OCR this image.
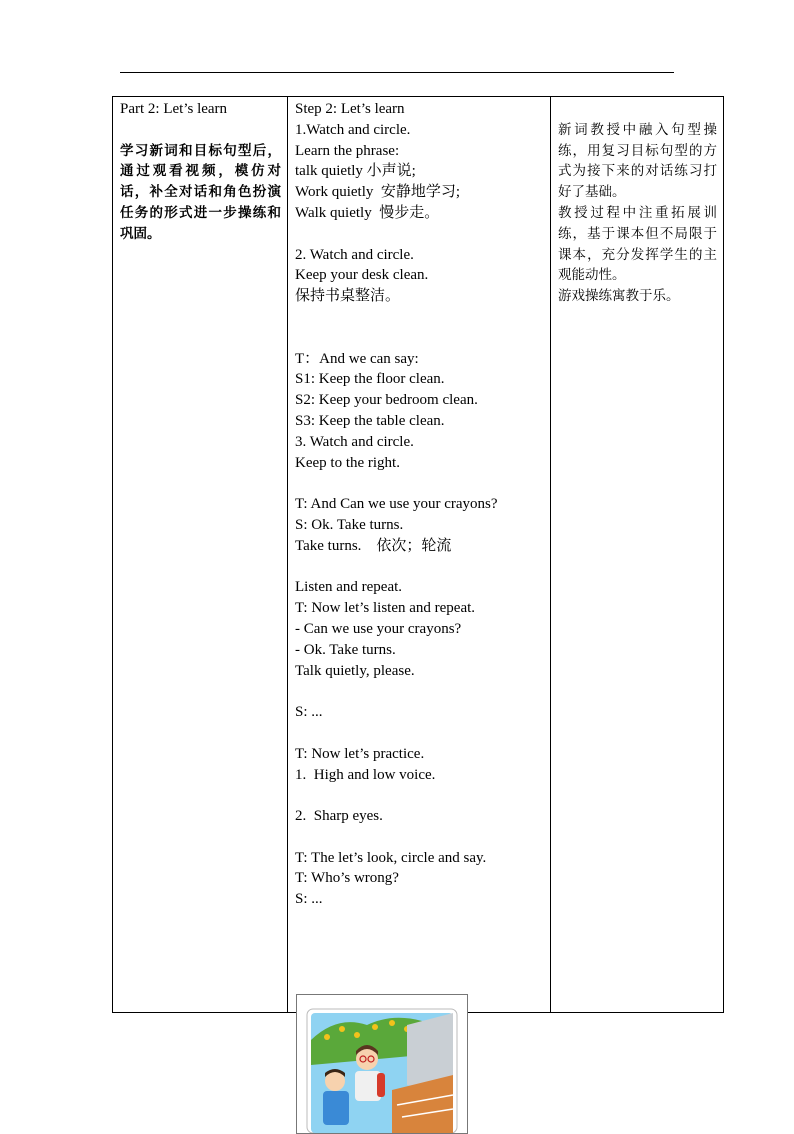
Part 2: Let’s learn

学习新词和目标句型后，通过观看视频，模仿对话，补全对话和角色扮演任务的形式进一步操练和巩固。

Step 2: Let’s learn
1.Watch and circle.
Learn the phrase:
talk quietly 小声说;
Work quietly  安静地学习;
Walk quietly  慢步走。
2. Watch and circle.
Keep your desk clean.
保持书桌整洁。
T：And we can say:
S1: Keep the floor clean.
S2: Keep your bedroom clean.
S3: Keep the table clean.
3. Watch and circle.
Keep to the right.
T: And Can we use your crayons?
S: Ok. Take turns.
Take turns.    依次；轮流
Listen and repeat.
T: Now let’s listen and repeat.
- Can we use your crayons?
- Ok. Take turns.
Talk quietly, please.
S: ...
T: Now let’s practice.
1.  High and low voice.
2.  Sharp eyes.
T: The let’s look, circle and say.
T: Who’s wrong?
S: ...

新词教授中融入句型操练，用复习目标句型的方式为接下来的对话练习打好了基础。

教授过程中注重拓展训练，基于课本但不局限于课本，充分发挥学生的主观能动性。

游戏操练寓教于乐。
